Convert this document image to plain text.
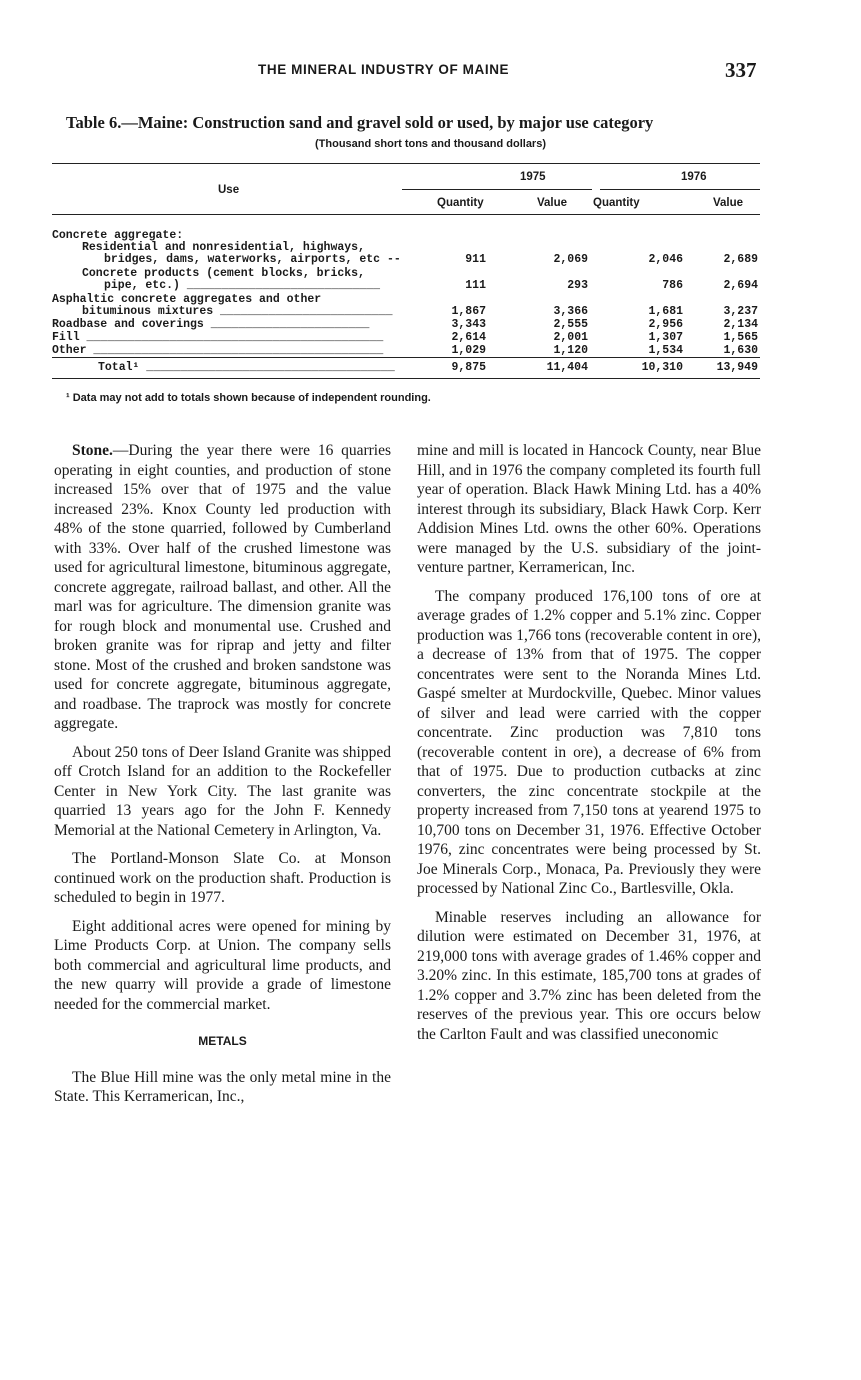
THE MINERAL INDUSTRY OF MAINE	337
Table 6.—Maine: Construction sand and gravel sold or used, by major use category
(Thousand short tons and thousand dollars)
Use
1975	1976
Quantity	Value Quantity	Value
Concrete aggregate:
Residential and nonresidential, highways,
bridges, dams, waterworks, airports, etc --	911	2,069	2,046	2,689
Concrete products (cement blocks, bricks,
pipe, etc.) ____________________________	111	293	786	2,694
Asphaltic concrete aggregates and other
bituminous mixtures _________________________	1,867	3,366	1,681	3,237
Roadbase and coverings _______________________	3,343	2,555	2,956	2,134
Fill ___________________________________________	2,614	2,001	1,307	1,565
Other __________________________________________	1,029	1,120	1,534	1,630
Total¹ ____________________________________	9,875	11,404	10,310	13,949
¹ Data may not add to totals shown because of independent rounding.

Stone.—During the year there were 16 quarries operating in eight counties, and production of stone increased 15% over that of 1975 and the value increased 23%. Knox County led production with 48% of the stone quarried, followed by Cumberland with 33%. Over half of the crushed limestone was used for agricultural limestone, bituminous aggregate, concrete aggregate, railroad ballast, and other. All the marl was for agriculture. The dimension granite was for rough block and monumental use. Crushed and broken granite was for riprap and jetty and filter stone. Most of the crushed and broken sandstone was used for concrete aggregate, bituminous aggregate, and roadbase. The traprock was mostly for concrete aggregate.

About 250 tons of Deer Island Granite was shipped off Crotch Island for an addition to the Rockefeller Center in New York City. The last granite was quarried 13 years ago for the John F. Kennedy Memorial at the National Cemetery in Arlington, Va.

The Portland-Monson Slate Co. at Monson continued work on the production shaft. Production is scheduled to begin in 1977.

Eight additional acres were opened for mining by Lime Products Corp. at Union. The company sells both commercial and agricultural lime products, and the new quarry will provide a grade of limestone needed for the commercial market.

METALS

The Blue Hill mine was the only metal mine in the State. This Kerramerican, Inc.,

mine and mill is located in Hancock County, near Blue Hill, and in 1976 the company completed its fourth full year of operation. Black Hawk Mining Ltd. has a 40% interest through its subsidiary, Black Hawk Corp. Kerr Addision Mines Ltd. owns the other 60%. Operations were managed by the U.S. subsidiary of the joint-venture partner, Kerramerican, Inc.

The company produced 176,100 tons of ore at average grades of 1.2% copper and 5.1% zinc. Copper production was 1,766 tons (recoverable content in ore), a decrease of 13% from that of 1975. The copper concentrates were sent to the Noranda Mines Ltd. Gaspé smelter at Murdockville, Quebec. Minor values of silver and lead were carried with the copper concentrate. Zinc production was 7,810 tons (recoverable content in ore), a decrease of 6% from that of 1975. Due to production cutbacks at zinc converters, the zinc concentrate stockpile at the property increased from 7,150 tons at yearend 1975 to 10,700 tons on December 31, 1976. Effective October 1976, zinc concentrates were being processed by St. Joe Minerals Corp., Monaca, Pa. Previously they were processed by National Zinc Co., Bartlesville, Okla.

Minable reserves including an allowance for dilution were estimated on December 31, 1976, at 219,000 tons with average grades of 1.46% copper and 3.20% zinc. In this estimate, 185,700 tons at grades of 1.2% copper and 3.7% zinc has been deleted from the reserves of the previous year. This ore occurs below the Carlton Fault and was classified uneconomic
